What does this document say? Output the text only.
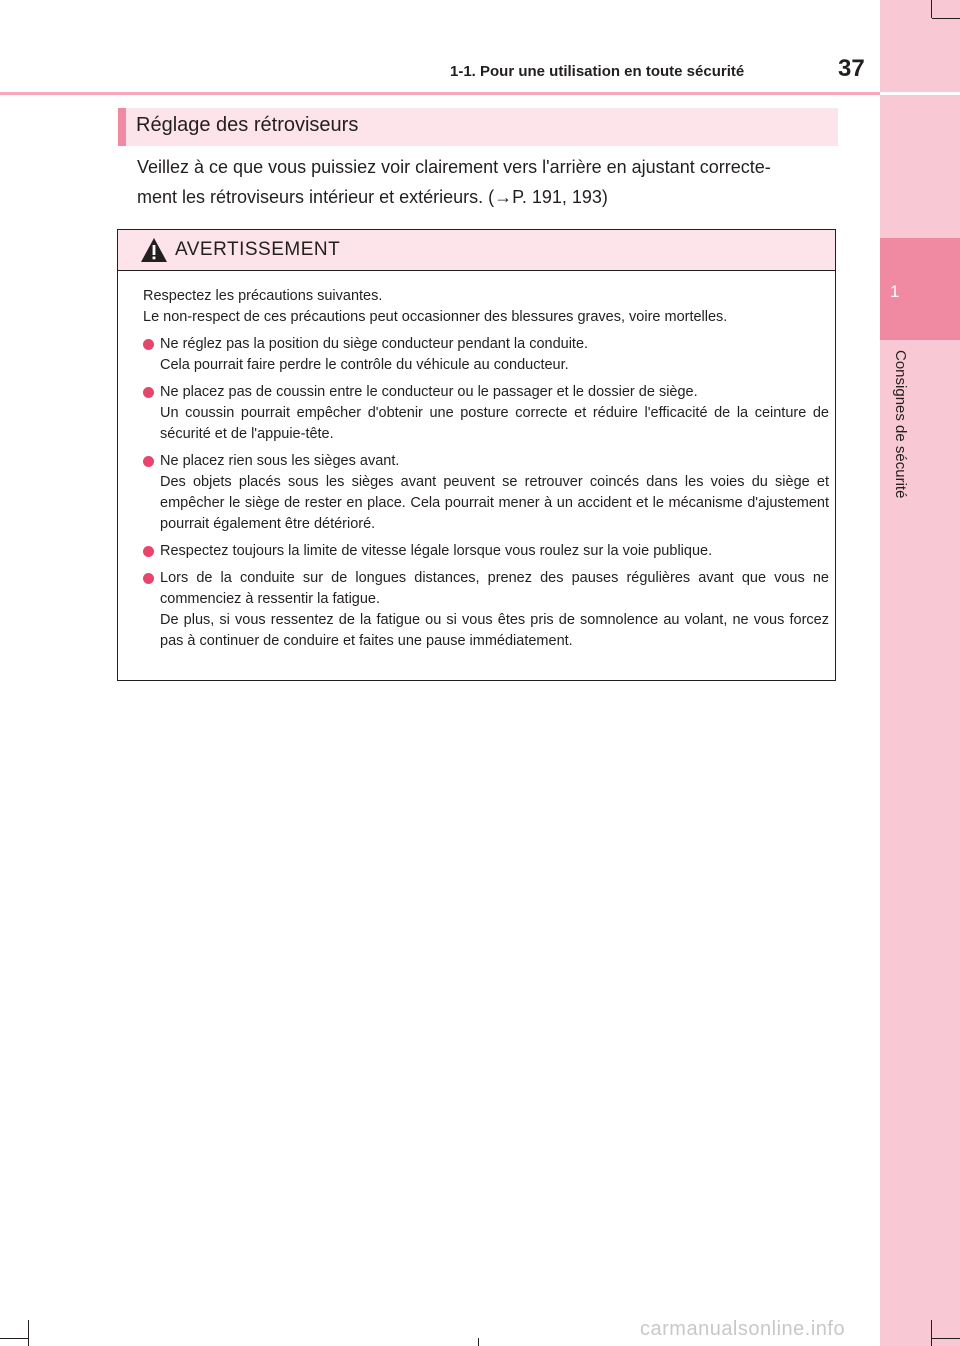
1
Consignes de sécurité
1-1. Pour une utilisation en toute sécurité	37
Réglage des rétroviseurs
Veillez à ce que vous puissiez voir clairement vers l'arrière en ajustant correcte-
ment les rétroviseurs intérieur et extérieurs. (→P. 191, 193)
AVERTISSEMENT

Respectez les précautions suivantes.

Le non-respect de ces précautions peut occasionner des blessures graves, voire mortelles.

Ne réglez pas la position du siège conducteur pendant la conduite.
Cela pourrait faire perdre le contrôle du véhicule au conducteur.
Ne placez pas de coussin entre le conducteur ou le passager et le dossier de siège.
Un coussin pourrait empêcher d'obtenir une posture correcte et réduire l'efficacité de la ceinture de sécurité et de l'appuie-tête.
Ne placez rien sous les sièges avant.
Des objets placés sous les sièges avant peuvent se retrouver coincés dans les voies du siège et empêcher le siège de rester en place. Cela pourrait mener à un accident et le mécanisme d'ajustement pourrait également être détérioré.
Respectez toujours la limite de vitesse légale lorsque vous roulez sur la voie publique.
Lors de la conduite sur de longues distances, prenez des pauses régulières avant que vous ne commenciez à ressentir la fatigue.
De plus, si vous ressentez de la fatigue ou si vous êtes pris de somnolence au volant, ne vous forcez pas à continuer de conduire et faites une pause immédiatement.
carmanualsonline.info
